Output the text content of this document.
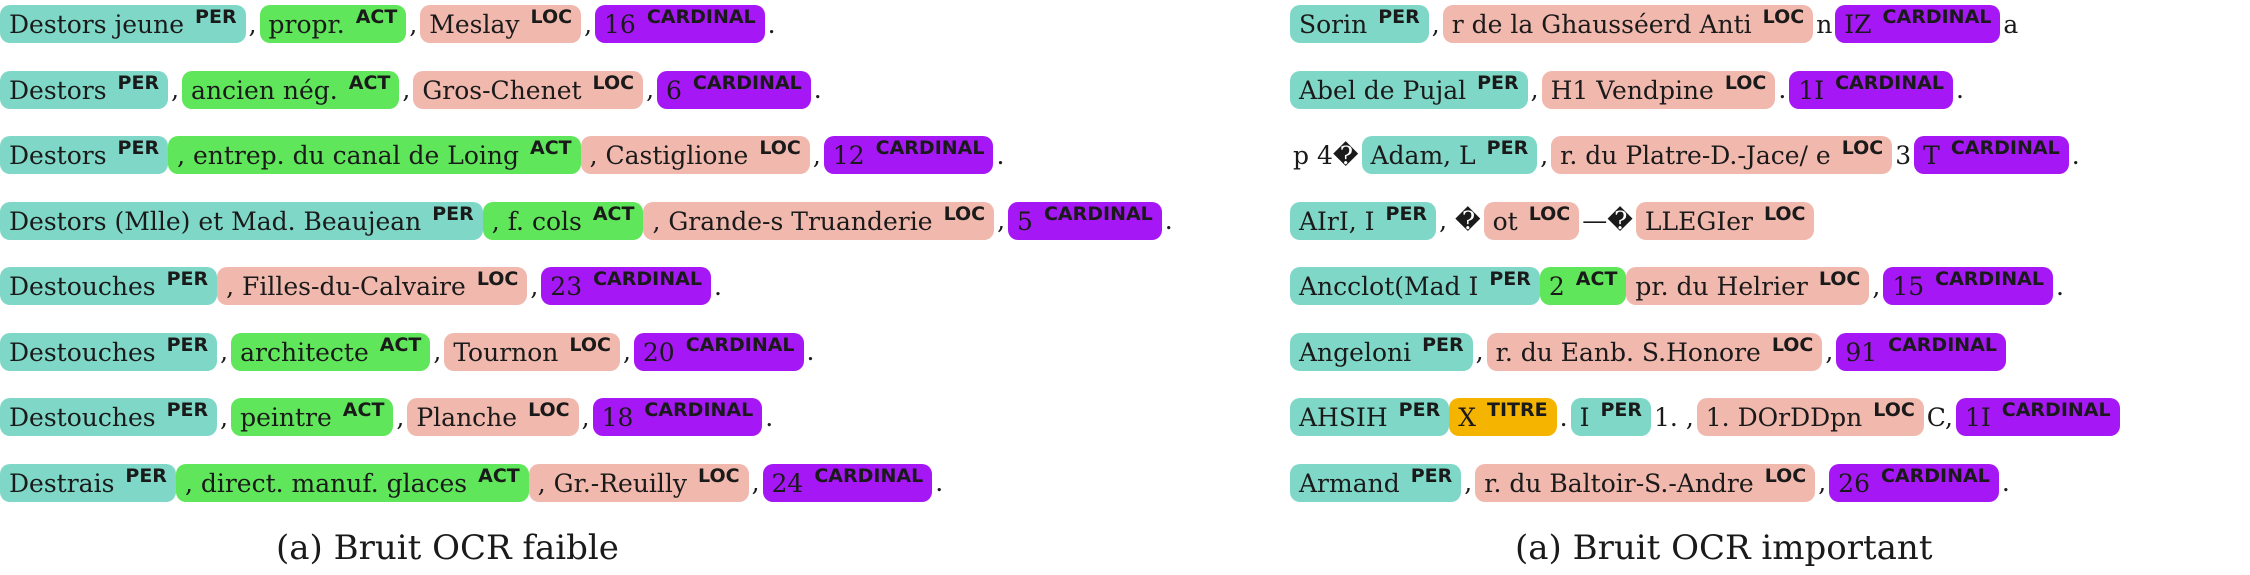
Destors jeune PER , propr. ACT , Meslay LOC , 16 CARDINAL .
Destors PER , ancien nég. ACT , Gros-Chenet LOC , 6 CARDINAL .
Destors PER , entrep. du canal de Loing ACT , Castiglione LOC , 12 CARDINAL .
Destors (Mlle) et Mad. Beaujean PER , f. cols ACT , Grande-s Truanderie LOC , 5 CARDINAL .
Destouches PER , Filles-du-Calvaire LOC , 23 CARDINAL .
Destouches PER , architecte ACT , Tournon LOC , 20 CARDINAL .
Destouches PER , peintre ACT , Planche LOC , 18 CARDINAL .
Destrais PER , direct. manuf. glaces ACT , Gr.-Reuilly LOC , 24 CARDINAL .
(a) Bruit OCR faible
Sorin PER , r de la Ghausséerd Anti LOC n IZ CARDINAL a
Abel de Pujal PER , H1 Vendpine LOC . 1I CARDINAL .
p 4� Adam, L PER , r. du Platre-D.-Jace/ e LOC 3 T CARDINAL .
AIrI, I PER , � ot LOC —� LLEGIer LOC
Ancclot(Mad I PER 2 ACT pr. du Helrier LOC , 15 CARDINAL .
Angeloni PER , r. du Eanb. S.Honore LOC , 91 CARDINAL
AHSIH PER X TITRE . I PER 1. , 1. DOrDDpn LOC C, 1I CARDINAL
Armand PER , r. du Baltoir-S.-Andre LOC , 26 CARDINAL .
(a) Bruit OCR important
